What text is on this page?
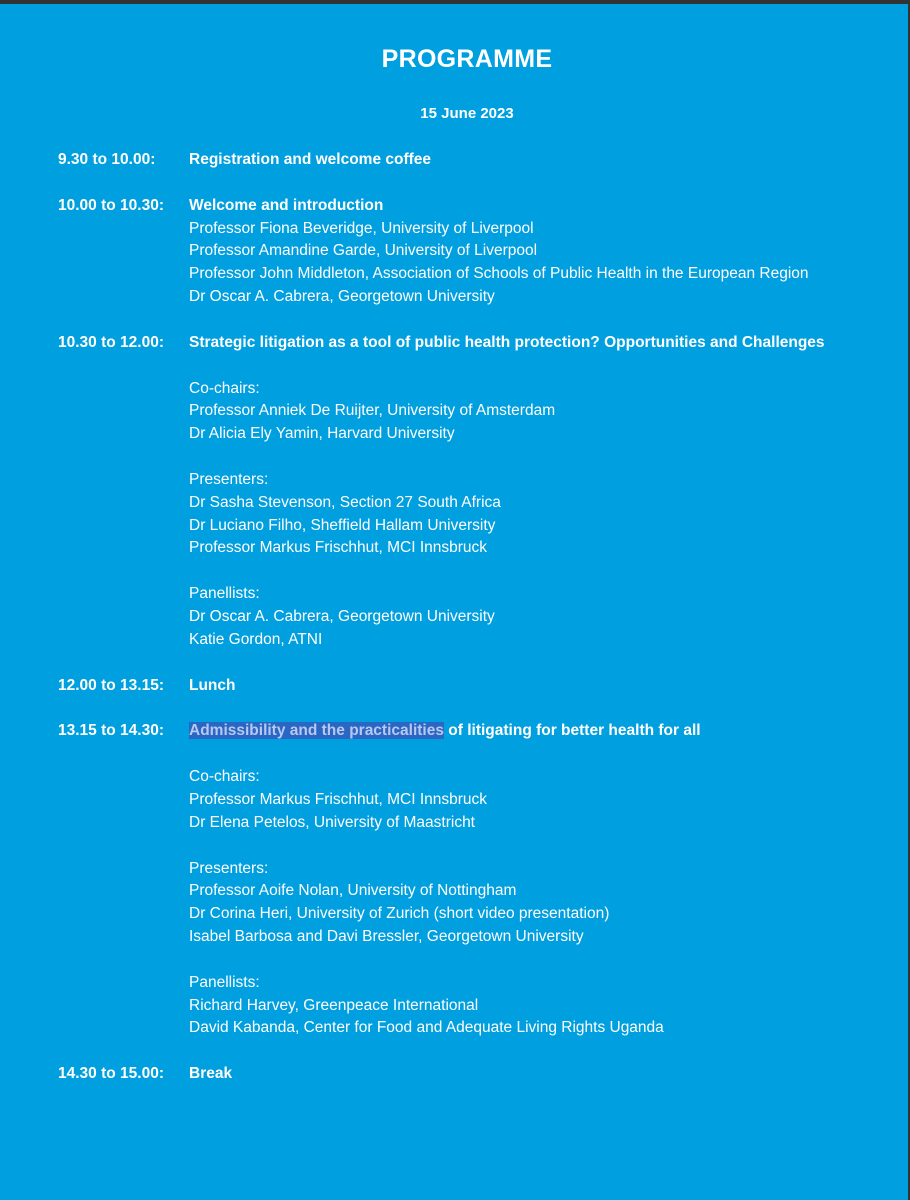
PROGRAMME
15 June 2023
9.30 to 10.00:	Registration and welcome coffee
10.00 to 10.30:	Welcome and introduction
Professor Fiona Beveridge, University of Liverpool
Professor Amandine Garde, University of Liverpool
Professor John Middleton, Association of Schools of Public Health in the European Region
Dr Oscar A. Cabrera, Georgetown University
10.30 to 12.00:	Strategic litigation as a tool of public health protection? Opportunities and Challenges
Co-chairs:
Professor Anniek De Ruijter, University of Amsterdam
Dr Alicia Ely Yamin, Harvard University
Presenters:
Dr Sasha Stevenson, Section 27 South Africa
Dr Luciano Filho, Sheffield Hallam University
Professor Markus Frischhut, MCI Innsbruck
Panellists:
Dr Oscar A. Cabrera, Georgetown University
Katie Gordon, ATNI
12.00 to 13.15:	Lunch
13.15 to 14.30:	Admissibility and the practicalities of litigating for better health for all
Co-chairs:
Professor Markus Frischhut, MCI Innsbruck
Dr Elena Petelos, University of Maastricht
Presenters:
Professor Aoife Nolan, University of Nottingham
Dr Corina Heri, University of Zurich (short video presentation)
Isabel Barbosa and Davi Bressler, Georgetown University
Panellists:
Richard Harvey, Greenpeace International
David Kabanda, Center for Food and Adequate Living Rights Uganda
14.30 to 15.00:	Break
